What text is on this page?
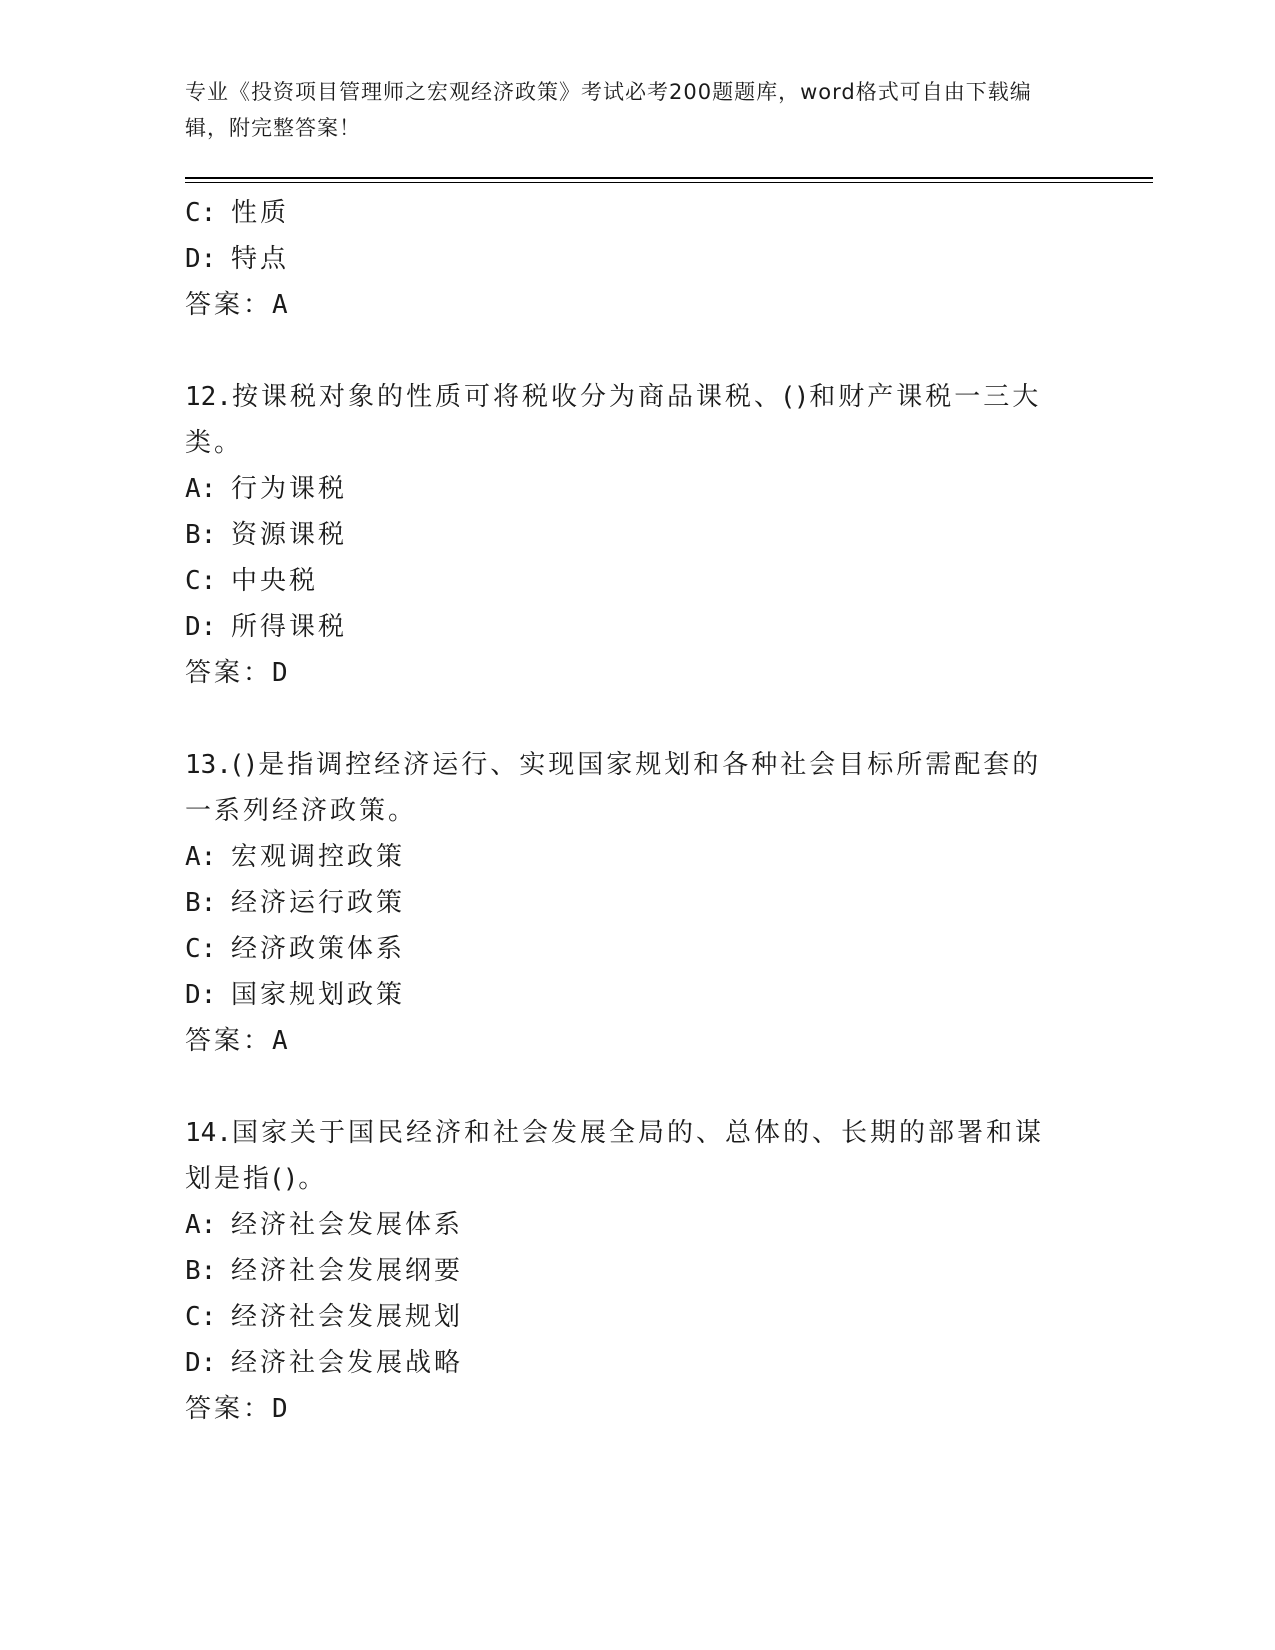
专业《投资项目管理师之宏观经济政策》考试必考200题题库，word格式可自由下载编辑，附完整答案！
C: 性质
D: 特点
答案：A
12.按课税对象的性质可将税收分为商品课税、()和财产课税一三大类。
A: 行为课税
B: 资源课税
C: 中央税
D: 所得课税
答案：D
13.()是指调控经济运行、实现国家规划和各种社会目标所需配套的一系列经济政策。
A: 宏观调控政策
B: 经济运行政策
C: 经济政策体系
D: 国家规划政策
答案：A
14.国家关于国民经济和社会发展全局的、总体的、长期的部署和谋划是指()。
A: 经济社会发展体系
B: 经济社会发展纲要
C: 经济社会发展规划
D: 经济社会发展战略
答案：D
